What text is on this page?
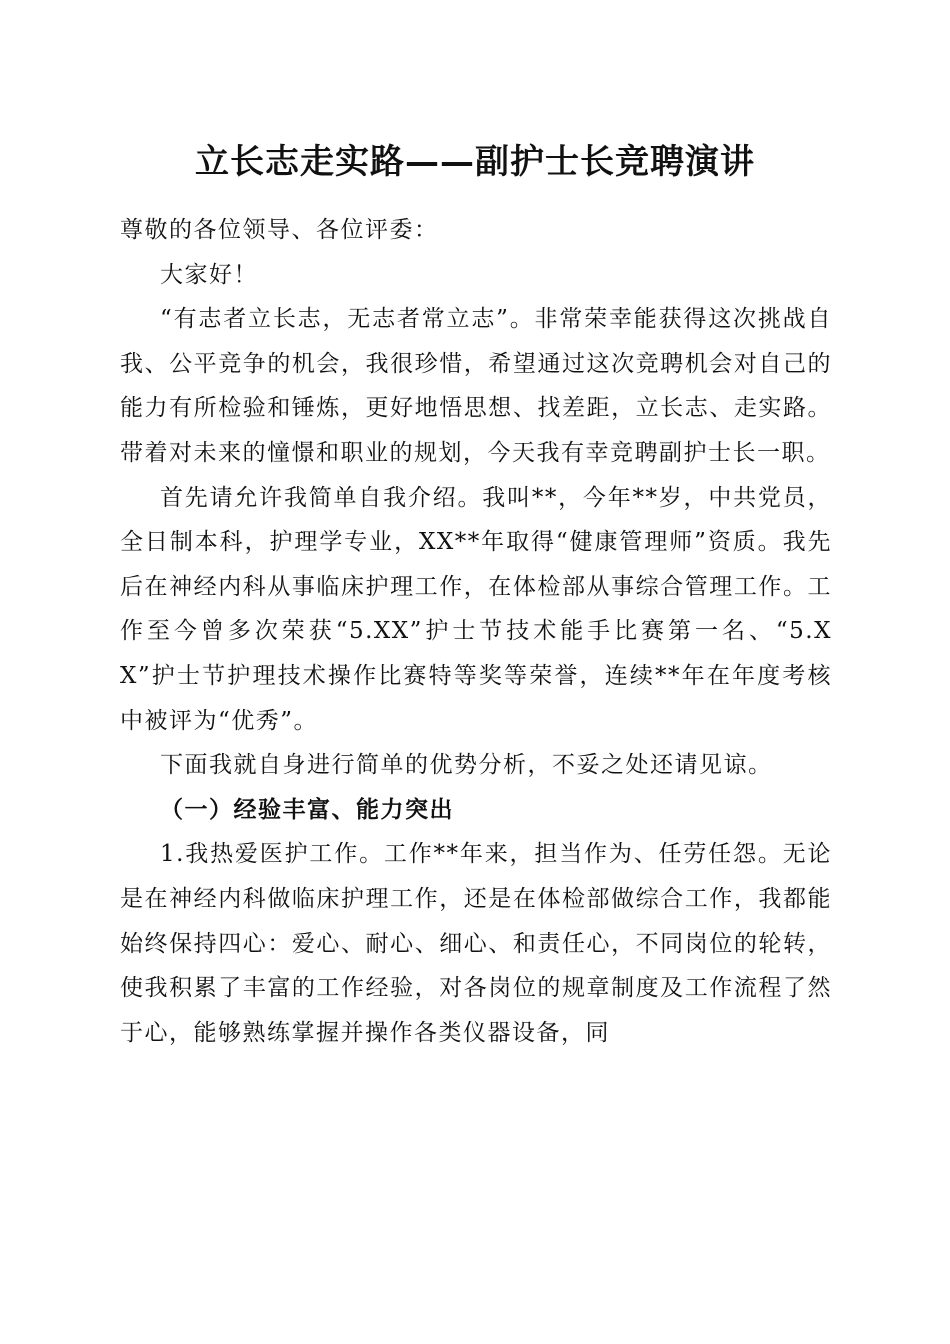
立长志走实路——副护士长竞聘演讲

尊敬的各位领导、各位评委：

大家好！

“有志者立长志，无志者常立志”。非常荣幸能获得这次挑战自我、公平竞争的机会，我很珍惜，希望通过这次竞聘机会对自己的能力有所检验和锤炼，更好地悟思想、找差距，立长志、走实路。带着对未来的憧憬和职业的规划，今天我有幸竞聘副护士长一职。

首先请允许我简单自我介绍。我叫**，今年**岁，中共党员，全日制本科，护理学专业，XX**年取得“健康管理师”资质。我先后在神经内科从事临床护理工作，在体检部从事综合管理工作。工作至今曾多次荣获“5.XX”护士节技术能手比赛第一名、“5.XX”护士节护理技术操作比赛特等奖等荣誉，连续**年在年度考核中被评为“优秀”。

下面我就自身进行简单的优势分析，不妥之处还请见谅。

（一）经验丰富、能力突出

1.我热爱医护工作。工作**年来，担当作为、任劳任怨。无论是在神经内科做临床护理工作，还是在体检部做综合工作，我都能始终保持四心：爱心、耐心、细心、和责任心，不同岗位的轮转，使我积累了丰富的工作经验，对各岗位的规章制度及工作流程了然于心，能够熟练掌握并操作各类仪器设备，同
